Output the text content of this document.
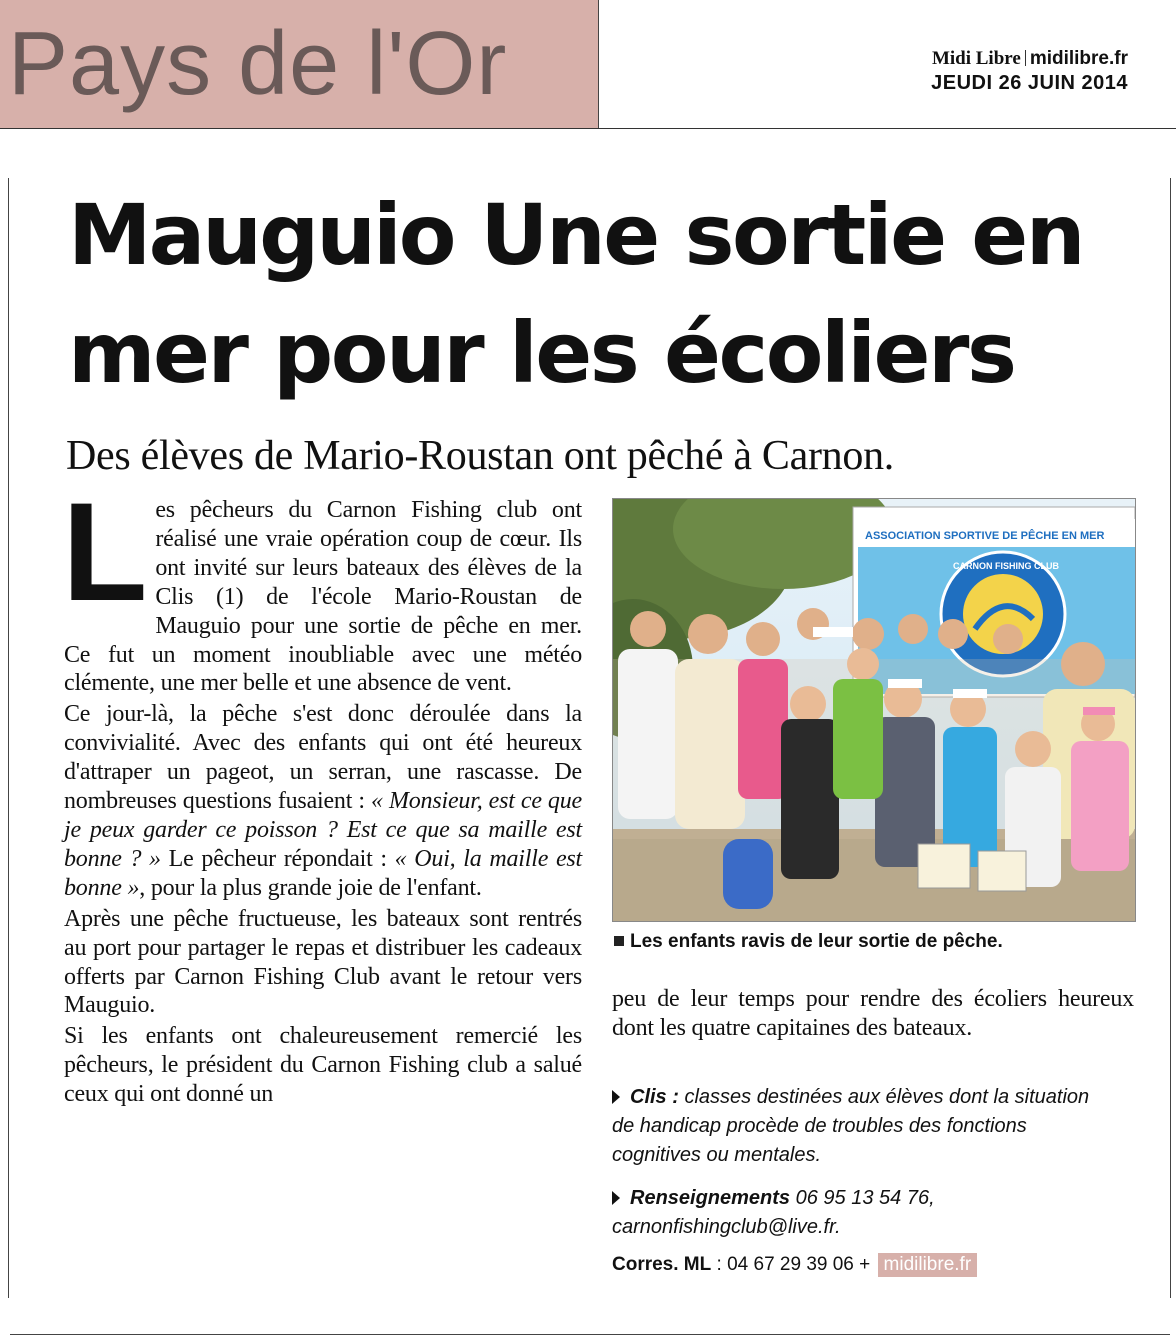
Pays de l'Or	Midi Libre midilibre.fr
JEUDI 26 JUIN 2014
Mauguio Une sortie en mer pour les écoliers
Des élèves de Mario-Roustan ont pêché à Carnon.

Les pêcheurs du Carnon Fishing club ont réalisé une vraie opération coup de cœur. Ils ont invité sur leurs bateaux des élèves de la Clis (1) de l'école Mario-Roustan de Mauguio pour une sortie de pêche en mer. Ce fut un moment inoubliable avec une météo clémente, une mer belle et une absence de vent.

Ce jour-là, la pêche s'est donc déroulée dans la convivialité. Avec des enfants qui ont été heureux d'attraper un pageot, un serran, une rascasse. De nombreuses questions fusaient : « Monsieur, est ce que je peux garder ce poisson ? Est ce que sa maille est bonne ? » Le pêcheur répondait : « Oui, la maille est bonne », pour la plus grande joie de l'enfant.

Après une pêche fructueuse, les bateaux sont rentrés au port pour partager le repas et distribuer les cadeaux offerts par Carnon Fishing Club avant le retour vers Mauguio.

Si les enfants ont chaleureusement remercié les pêcheurs, le président du Carnon Fishing club a salué ceux qui ont donné un

ASSOCIATION SPORTIVE DE PÊCHE EN MER
CARNON FISHING CLUB
Les enfants ravis de leur sortie de pêche.
peu de leur temps pour rendre des écoliers heureux dont les quatre capitaines des bateaux.
Clis : classes destinées aux élèves dont la situation de handicap procède de troubles des fonctions cognitives ou mentales.
Renseignements 06 95 13 54 76, carnonfishingclub@live.fr.
Corres. ML : 04 67 29 39 06 + midilibre.fr
